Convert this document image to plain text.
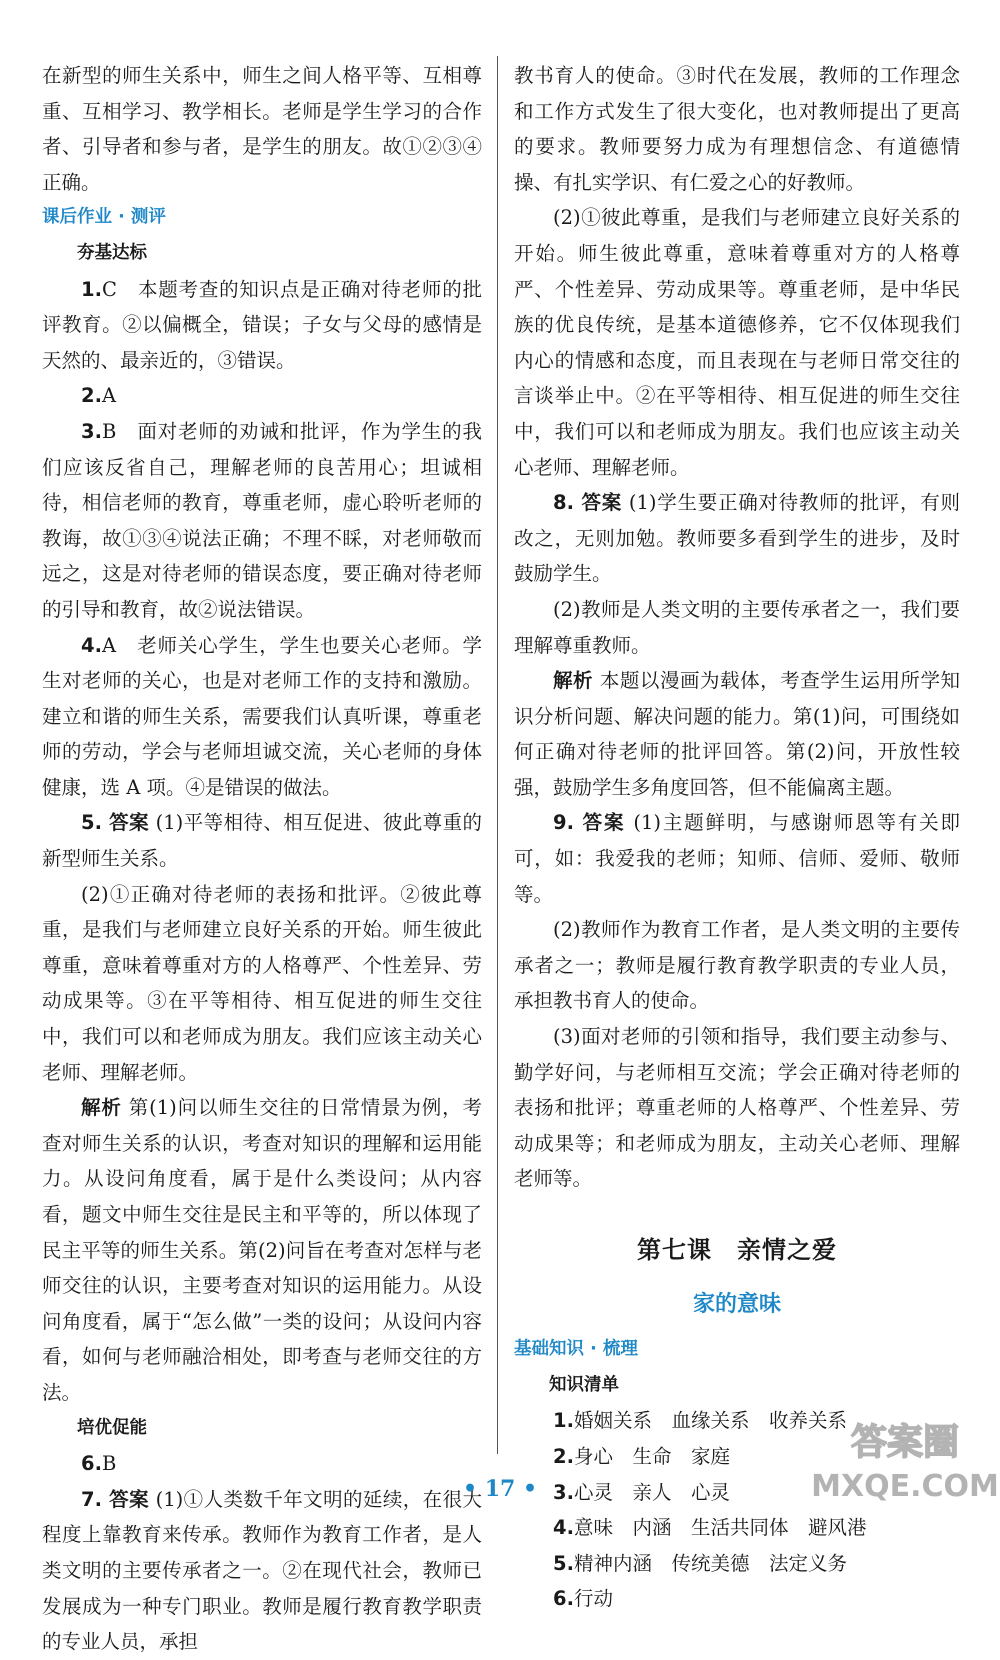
在新型的师生关系中，师生之间人格平等、互相尊重、互相学习、教学相长。老师是学生学习的合作者、引导者和参与者，是学生的朋友。故①②③④正确。

课后作业 · 测评

夯基达标

1.C　本题考查的知识点是正确对待老师的批评教育。②以偏概全，错误；子女与父母的感情是天然的、最亲近的，③错误。

2.A

3.B　面对老师的劝诫和批评，作为学生的我们应该反省自己，理解老师的良苦用心；坦诚相待，相信老师的教育，尊重老师，虚心聆听老师的教诲，故①③④说法正确；不理不睬，对老师敬而远之，这是对待老师的错误态度，要正确对待老师的引导和教育，故②说法错误。

4.A　老师关心学生，学生也要关心老师。学生对老师的关心，也是对老师工作的支持和激励。建立和谐的师生关系，需要我们认真听课，尊重老师的劳动，学会与老师坦诚交流，关心老师的身体健康，选 A 项。④是错误的做法。

5. 答案 (1)平等相待、相互促进、彼此尊重的新型师生关系。

(2)①正确对待老师的表扬和批评。②彼此尊重，是我们与老师建立良好关系的开始。师生彼此尊重，意味着尊重对方的人格尊严、个性差异、劳动成果等。③在平等相待、相互促进的师生交往中，我们可以和老师成为朋友。我们应该主动关心老师、理解老师。

解析 第(1)问以师生交往的日常情景为例，考查对师生关系的认识，考查对知识的理解和运用能力。从设问角度看，属于是什么类设问；从内容看，题文中师生交往是民主和平等的，所以体现了民主平等的师生关系。第(2)问旨在考查对怎样与老师交往的认识，主要考查对知识的运用能力。从设问角度看，属于“怎么做”一类的设问；从设问内容看，如何与老师融洽相处，即考查与老师交往的方法。

培优促能

6.B

7. 答案 (1)①人类数千年文明的延续，在很大程度上靠教育来传承。教师作为教育工作者，是人类文明的主要传承者之一。②在现代社会，教师已发展成为一种专门职业。教师是履行教育教学职责的专业人员，承担

教书育人的使命。③时代在发展，教师的工作理念和工作方式发生了很大变化，也对教师提出了更高的要求。教师要努力成为有理想信念、有道德情操、有扎实学识、有仁爱之心的好教师。

(2)①彼此尊重，是我们与老师建立良好关系的开始。师生彼此尊重，意味着尊重对方的人格尊严、个性差异、劳动成果等。尊重老师，是中华民族的优良传统，是基本道德修养，它不仅体现我们内心的情感和态度，而且表现在与老师日常交往的言谈举止中。②在平等相待、相互促进的师生交往中，我们可以和老师成为朋友。我们也应该主动关心老师、理解老师。

8. 答案 (1)学生要正确对待教师的批评，有则改之，无则加勉。教师要多看到学生的进步，及时鼓励学生。

(2)教师是人类文明的主要传承者之一，我们要理解尊重教师。

解析 本题以漫画为载体，考查学生运用所学知识分析问题、解决问题的能力。第(1)问，可围绕如何正确对待老师的批评回答。第(2)问，开放性较强，鼓励学生多角度回答，但不能偏离主题。

9. 答案 (1)主题鲜明，与感谢师恩等有关即可，如：我爱我的老师；知师、信师、爱师、敬师等。

(2)教师作为教育工作者，是人类文明的主要传承者之一；教师是履行教育教学职责的专业人员，承担教书育人的使命。

(3)面对老师的引领和指导，我们要主动参与、勤学好问，与老师相互交流；学会正确对待老师的表扬和批评；尊重老师的人格尊严、个性差异、劳动成果等；和老师成为朋友，主动关心老师、理解老师等。

第七课　亲情之爱

家的意味

基础知识 · 梳理

知识清单

1.婚姻关系　血缘关系　收养关系

2.身心　生命　家庭

3.心灵　亲人　心灵

4.意味　内涵　生活共同体　避风港

5.精神内涵　传统美德　法定义务

6.行动

• 17 •
答案圈
MXQE.COM
